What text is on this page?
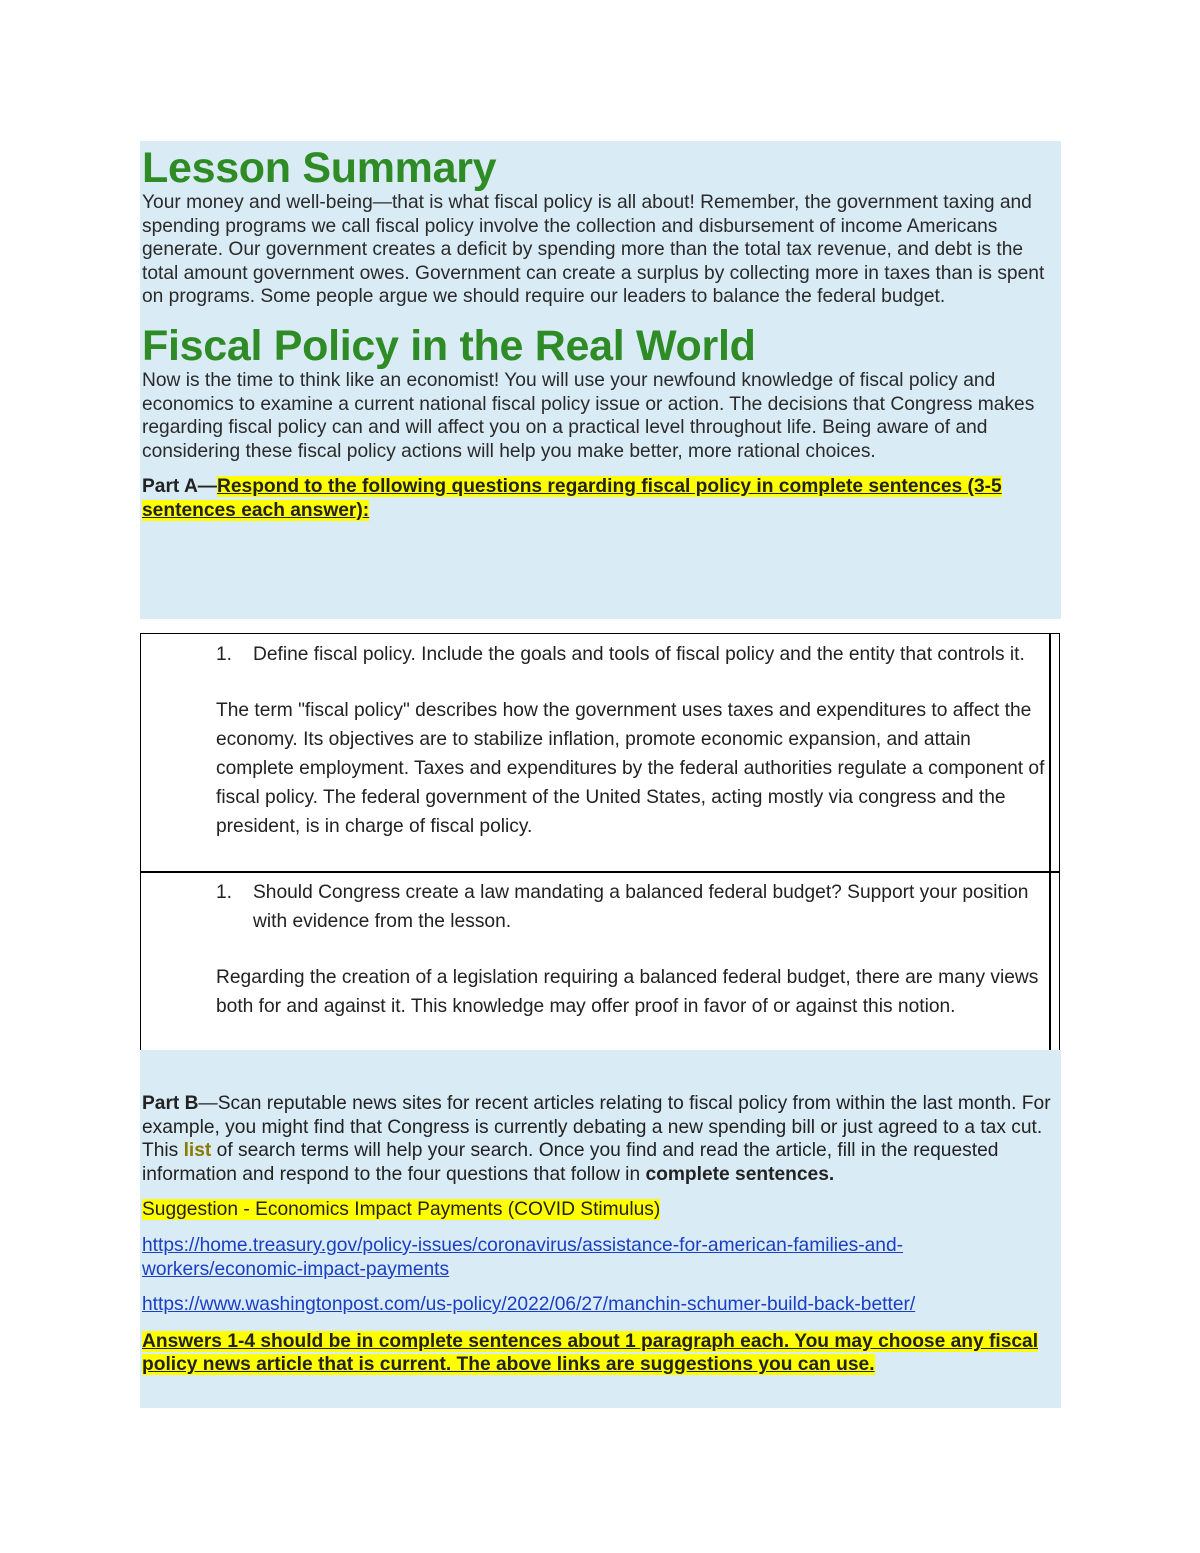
Lesson Summary

Your money and well-being—that is what fiscal policy is all about! Remember, the government taxing and spending programs we call fiscal policy involve the collection and disbursement of income Americans generate. Our government creates a deficit by spending more than the total tax revenue, and debt is the total amount government owes. Government can create a surplus by collecting more in taxes than is spent on programs. Some people argue we should require our leaders to balance the federal budget.

Fiscal Policy in the Real World

Now is the time to think like an economist! You will use your newfound knowledge of fiscal policy and economics to examine a current national fiscal policy issue or action. The decisions that Congress makes regarding fiscal policy can and will affect you on a practical level throughout life. Being aware of and considering these fiscal policy actions will help you make better, more rational choices.

Part A—Respond to the following questions regarding fiscal policy in complete sentences (3-5 sentences each answer):
1.	Define fiscal policy. Include the goals and tools of fiscal policy and the entity that controls it.
The term "fiscal policy" describes how the government uses taxes and expenditures to affect the economy. Its objectives are to stabilize inflation, promote economic expansion, and attain complete employment. Taxes and expenditures by the federal authorities regulate a component of fiscal policy. The federal government of the United States, acting mostly via congress and the president, is in charge of fiscal policy.
1.	Should Congress create a law mandating a balanced federal budget? Support your position with evidence from the lesson.
Regarding the creation of a legislation requiring a balanced federal budget, there are many views both for and against it. This knowledge may offer proof in favor of or against this notion.

Part B—Scan reputable news sites for recent articles relating to fiscal policy from within the last month. For example, you might find that Congress is currently debating a new spending bill or just agreed to a tax cut. This list of search terms will help your search. Once you find and read the article, fill in the requested information and respond to the four questions that follow in complete sentences.

Suggestion - Economics Impact Payments (COVID Stimulus)
https://home.treasury.gov/policy-issues/coronavirus/assistance-for-american-families-and-workers/economic-impact-payments
https://www.washingtonpost.com/us-policy/2022/06/27/manchin-schumer-build-back-better/
Answers 1-4 should be in complete sentences about 1 paragraph each. You may choose any fiscal policy news article that is current. The above links are suggestions you can use.
